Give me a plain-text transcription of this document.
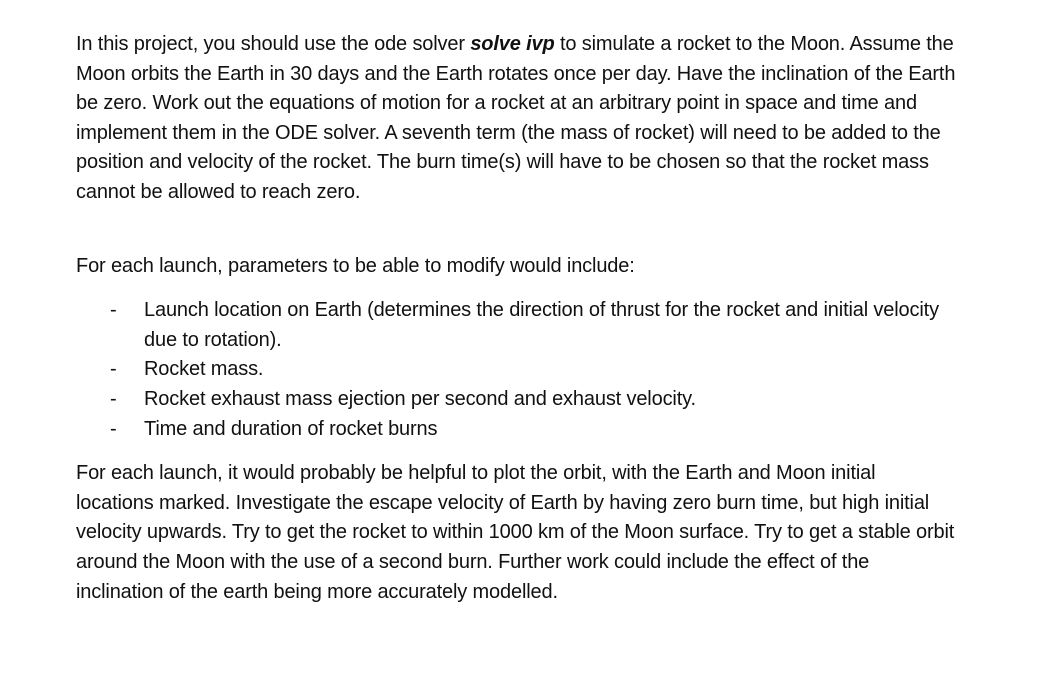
In this project, you should use the ode solver solve ivp to simulate a rocket to the Moon. Assume the Moon orbits the Earth in 30 days and the Earth rotates once per day. Have the inclination of the Earth be zero. Work out the equations of motion for a rocket at an arbitrary point in space and time and implement them in the ODE solver. A seventh term (the mass of rocket) will need to be added to the position and velocity of the rocket. The burn time(s) will have to be chosen so that the rocket mass cannot be allowed to reach zero.

For each launch, parameters to be able to modify would include:

- Launch location on Earth (determines the direction of thrust for the rocket and initial velocity due to rotation).
- Rocket mass.
- Rocket exhaust mass ejection per second and exhaust velocity.
- Time and duration of rocket burns

For each launch, it would probably be helpful to plot the orbit, with the Earth and Moon initial locations marked. Investigate the escape velocity of Earth by having zero burn time, but high initial velocity upwards. Try to get the rocket to within 1000 km of the Moon surface. Try to get a stable orbit around the Moon with the use of a second burn. Further work could include the effect of the inclination of the earth being more accurately modelled.
